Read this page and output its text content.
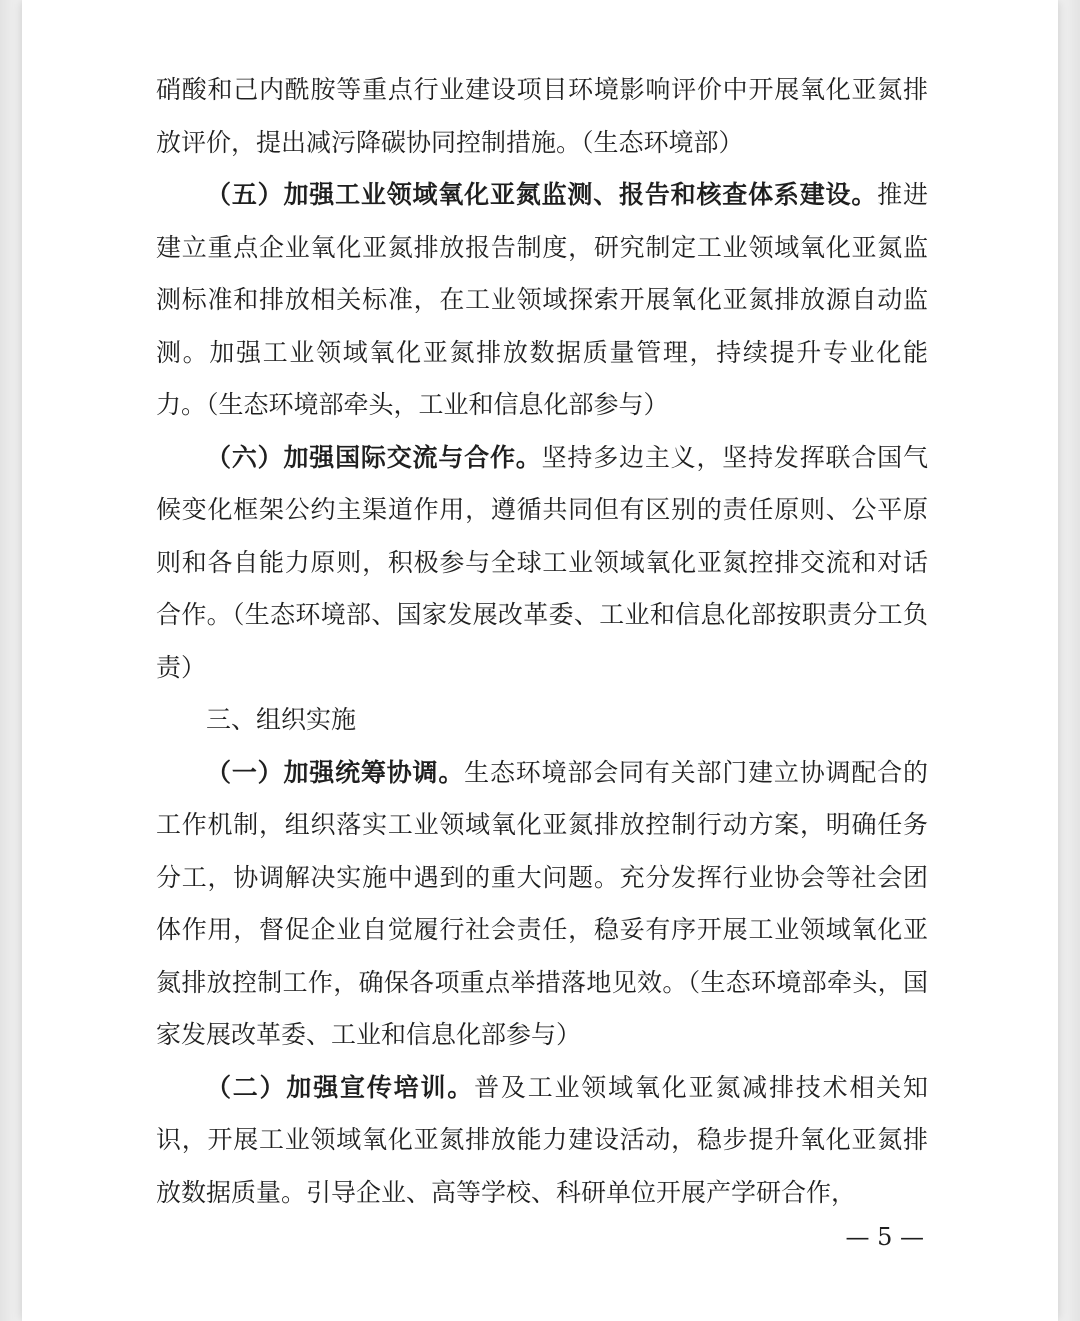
硝酸和己内酰胺等重点行业建设项目环境影响评价中开展氧化亚氮排放评价，提出减污降碳协同控制措施。（生态环境部）

（五）加强工业领域氧化亚氮监测、报告和核查体系建设。推进建立重点企业氧化亚氮排放报告制度，研究制定工业领域氧化亚氮监测标准和排放相关标准，在工业领域探索开展氧化亚氮排放源自动监测。加强工业领域氧化亚氮排放数据质量管理，持续提升专业化能力。（生态环境部牵头，工业和信息化部参与）

（六）加强国际交流与合作。坚持多边主义，坚持发挥联合国气候变化框架公约主渠道作用，遵循共同但有区别的责任原则、公平原则和各自能力原则，积极参与全球工业领域氧化亚氮控排交流和对话合作。（生态环境部、国家发展改革委、工业和信息化部按职责分工负责）

三、组织实施

（一）加强统筹协调。生态环境部会同有关部门建立协调配合的工作机制，组织落实工业领域氧化亚氮排放控制行动方案，明确任务分工，协调解决实施中遇到的重大问题。充分发挥行业协会等社会团体作用，督促企业自觉履行社会责任，稳妥有序开展工业领域氧化亚氮排放控制工作，确保各项重点举措落地见效。（生态环境部牵头，国家发展改革委、工业和信息化部参与）

（二）加强宣传培训。普及工业领域氧化亚氮减排技术相关知识，开展工业领域氧化亚氮排放能力建设活动，稳步提升氧化亚氮排放数据质量。引导企业、高等学校、科研单位开展产学研合作，

— 5 —
